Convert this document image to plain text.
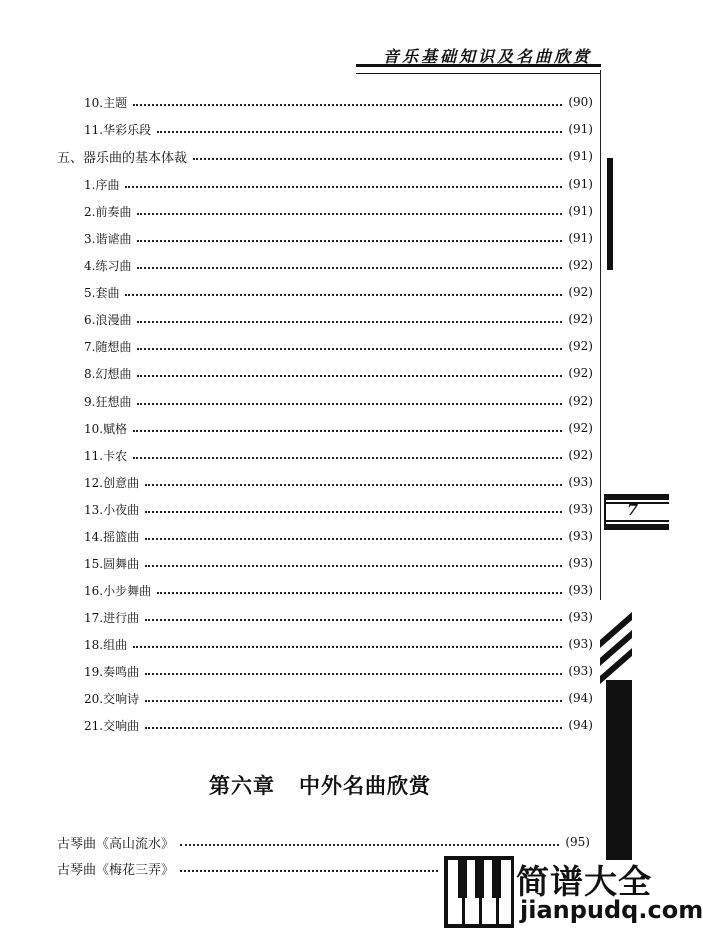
音乐基础知识及名曲欣赏
10.主题	(90)
11.华彩乐段	(91)
五、器乐曲的基本体裁	(91)
1.序曲	(91)
2.前奏曲	(91)
3.谐谑曲	(91)
4.练习曲	(92)
5.套曲	(92)
6.浪漫曲	(92)
7.随想曲	(92)
8.幻想曲	(92)
9.狂想曲	(92)
10.赋格	(92)
11.卡农	(92)
12.创意曲	(93)
13.小夜曲	(93)
14.摇篮曲	(93)
15.圆舞曲	(93)
16.小步舞曲	(93)
17.进行曲	(93)
18.组曲	(93)
19.奏鸣曲	(93)
20.交响诗	(94)
21.交响曲	(94)
第六章 中外名曲欣赏
古琴曲《高山流水》	(95)
古琴曲《梅花三弄》
7
简谱大全
jianpudq.com
